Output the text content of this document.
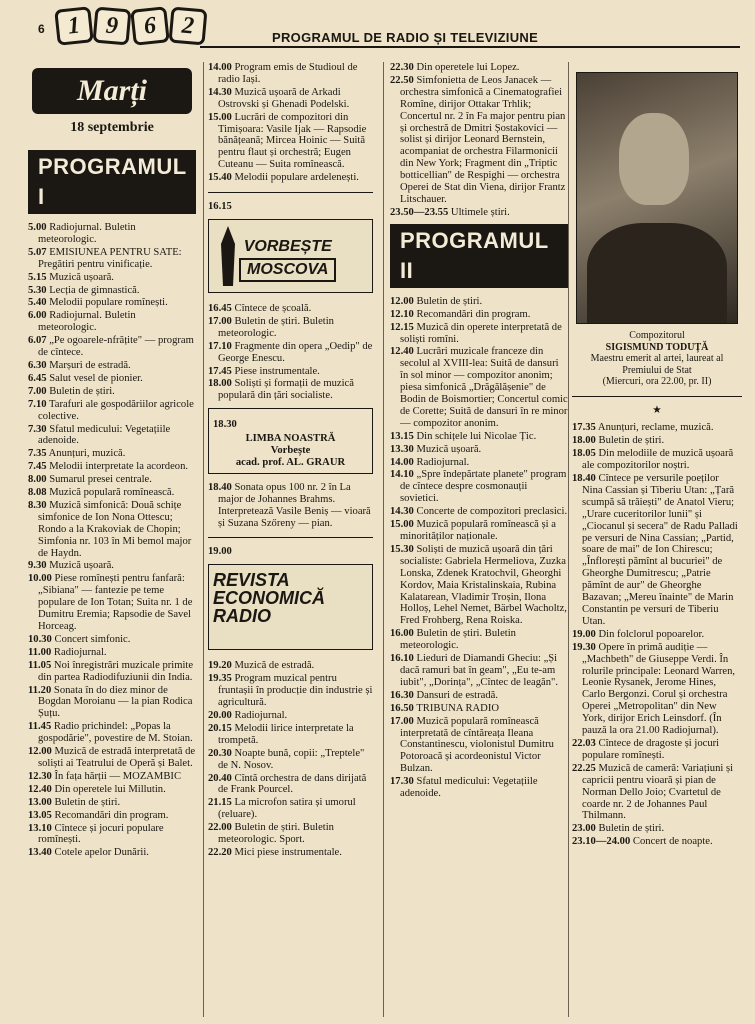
6 1 9 6 2	PROGRAMUL DE RADIO ȘI TELEVIZIUNE
Marți
18 septembrie
PROGRAMUL I
5.00 Radiojurnal. Buletin meteorologic.
5.07 EMISIUNEA PENTRU SATE: Pregătiri pentru vinificație.
5.15 Muzică ușoară.
5.30 Lecția de gimnastică.
5.40 Melodii populare romînești.
6.00 Radiojurnal. Buletin meteorologic.
6.07 „Pe ogoarele-nfrățite" — program de cîntece.
6.30 Marșuri de estradă.
6.45 Salut vesel de pionier.
7.00 Buletin de știri.
7.10 Tarafuri ale gospodăriilor agricole colective.
7.30 Sfatul medicului: Vegetațiile adenoide.
7.35 Anunțuri, muzică.
7.45 Melodii interpretate la acordeon.
8.00 Sumarul presei centrale.
8.08 Muzică populară romînească.
8.30 Muzică simfonică: Două schițe simfonice de Ion Nona Ottescu; Rondo a la Krakoviak de Chopin; Simfonia nr. 103 în Mi bemol major de Haydn.
9.30 Muzică ușoară.
10.00 Piese romînești pentru fanfară: „Sibiana" — fantezie pe teme populare de Ion Totan; Suita nr. 1 de Dumitru Eremia; Rapsodie de Savel Horceag.
10.30 Concert simfonic.
11.00 Radiojurnal.
11.05 Noi înregistrări muzicale primite din partea Radiodifuziunii din India.
11.20 Sonata în do diez minor de Bogdan Moroianu — la pian Rodica Șuțu.
11.45 Radio prichindel: „Popas la gospodărie", povestire de M. Stoian.
12.00 Muzică de estradă interpretată de soliști ai Teatrului de Operă și Balet.
12.30 În fața hărții — MOZAMBIC
12.40 Din operetele lui Millutin.
13.00 Buletin de știri.
13.05 Recomandări din program.
13.10 Cîntece și jocuri populare romînești.
13.40 Cotele apelor Dunării.
14.00 Program emis de Studioul de radio Iași.
14.30 Muzică ușoară de Arkadi Ostrovski și Ghenadi Podelski.
15.00 Lucrări de compozitori din Timișoara: Vasile Ijak — Rapsodie bănățeană; Mircea Hoinic — Suită pentru flaut și orchestră; Eugen Cuteanu — Suita romînească.
15.40 Melodii populare ardelenești.
16.15
VORBEȘTE
MOSCOVA
16.45 Cîntece de școală.
17.00 Buletin de știri. Buletin meteorologic.
17.10 Fragmente din opera „Oedip" de George Enescu.
17.45 Piese instrumentale.
18.00 Soliști și formații de muzică populară din țări socialiste.
18.30
LIMBA NOASTRĂ
Vorbește
acad. prof. AL. GRAUR
18.40 Sonata opus 100 nr. 2 în La major de Johannes Brahms. Interpretează Vasile Beniș — vioară și Suzana Szőreny — pian.
19.00
REVISTA
ECONOMICĂ
RADIO
19.20 Muzică de estradă.
19.35 Program muzical pentru fruntașii în producție din industrie și agricultură.
20.00 Radiojurnal.
20.15 Melodii lirice interpretate la trompetă.
20.30 Noapte bună, copii: „Treptele" de N. Nosov.
20.40 Cîntă orchestra de dans dirijată de Frank Pourcel.
21.15 La microfon satira și umorul (reluare).
22.00 Buletin de știri. Buletin meteorologic. Sport.
22.20 Mici piese instrumentale.
22.30 Din operetele lui Lopez.
22.50 Simfonietta de Leos Janacek — orchestra simfonică a Cinematografiei Romîne, dirijor Ottakar Trhlik; Concertul nr. 2 în Fa major pentru pian și orchestră de Dmitri Șostakovici — solist și dirijor Leonard Bernstein, acompaniat de orchestra Filarmonicii din New York; Fragment din „Triptic botticellian" de Respighi — orchestra Operei de Stat din Viena, dirijor Frantz Litschauer.
23.50—23.55 Ultimele știri.
PROGRAMUL II
12.00 Buletin de știri.
12.10 Recomandări din program.
12.15 Muzică din operete interpretată de soliști romîni.
12.40 Lucrări muzicale franceze din secolul al XVIII-lea: Suită de dansuri în sol minor — compozitor anonim; piesa simfonică „Drăgălășenie" de Bodin de Boismortier; Concertul comic de Corette; Suită de dansuri în re minor — compozitor anonim.
13.15 Din schițele lui Nicolae Țic.
13.30 Muzică ușoară.
14.00 Radiojurnal.
14.10 „Spre îndepărtate planete" program de cîntece despre cosmonauții sovietici.
14.30 Concerte de compozitori preclasici.
15.00 Muzică populară romînească și a minorităților naționale.
15.30 Soliști de muzică ușoară din țări socialiste: Gabriela Hermeliova, Zuzka Lonska, Zdenek Kratochvil, Gheorghi Kordov, Maia Kristalinskaia, Rubina Kalatarean, Vladimir Troșin, Ilona Holloș, Lehel Nemet, Bärbel Wacholtz, Fred Frohberg, Rena Roiska.
16.00 Buletin de știri. Buletin meteorologic.
16.10 Lieduri de Diamandi Gheciu: „Și dacă ramuri bat în geam", „Eu te-am iubit", „Dorința", „Cîntec de leagăn".
16.30 Dansuri de estradă.
16.50 TRIBUNA RADIO
17.00 Muzică populară romînească interpretată de cîntăreața Ileana Constantinescu, violonistul Dumitru Potoroacă și acordeonistul Victor Bulzan.
17.30 Sfatul medicului: Vegetațiile adenoide.
Compozitorul
SIGISMUND TODUȚĂ
Maestru emerit al artei, laureat al Premiului de Stat
(Miercuri, ora 22.00, pr. II)
★
17.35 Anunțuri, reclame, muzică.
18.00 Buletin de știri.
18.05 Din melodiile de muzică ușoară ale compozitorilor noștri.
18.40 Cîntece pe versurile poeților Nina Cassian și Tiberiu Utan: „Țară scumpă să trăiești" de Anatol Vieru; „Urare cuceritorilor lunii" și „Ciocanul și secera" de Radu Palladi pe versuri de Nina Cassian; „Partid, soare de mai" de Ion Chirescu; „Înflorești pămînt al bucuriei" de Gheorghe Dumitrescu; „Patrie pămînt de aur" de Gheorghe Bazavan; „Mereu înainte" de Marin Constantin pe versuri de Tiberiu Utan.
19.00 Din folclorul popoarelor.
19.30 Opere în primă audiție — „Machbeth" de Giuseppe Verdi. În rolurile principale: Leonard Warren, Leonie Rysanek, Jerome Hines, Carlo Bergonzi. Corul și orchestra Operei „Metropolitan" din New York, dirijor Erich Leinsdorf. (În pauză la ora 21.00 Radiojurnal).
22.03 Cîntece de dragoste și jocuri populare romînești.
22.25 Muzică de cameră: Variațiuni și capricii pentru vioară și pian de Norman Dello Joio; Cvartetul de coarde nr. 2 de Johannes Paul Thilmann.
23.00 Buletin de știri.
23.10—24.00 Concert de noapte.
